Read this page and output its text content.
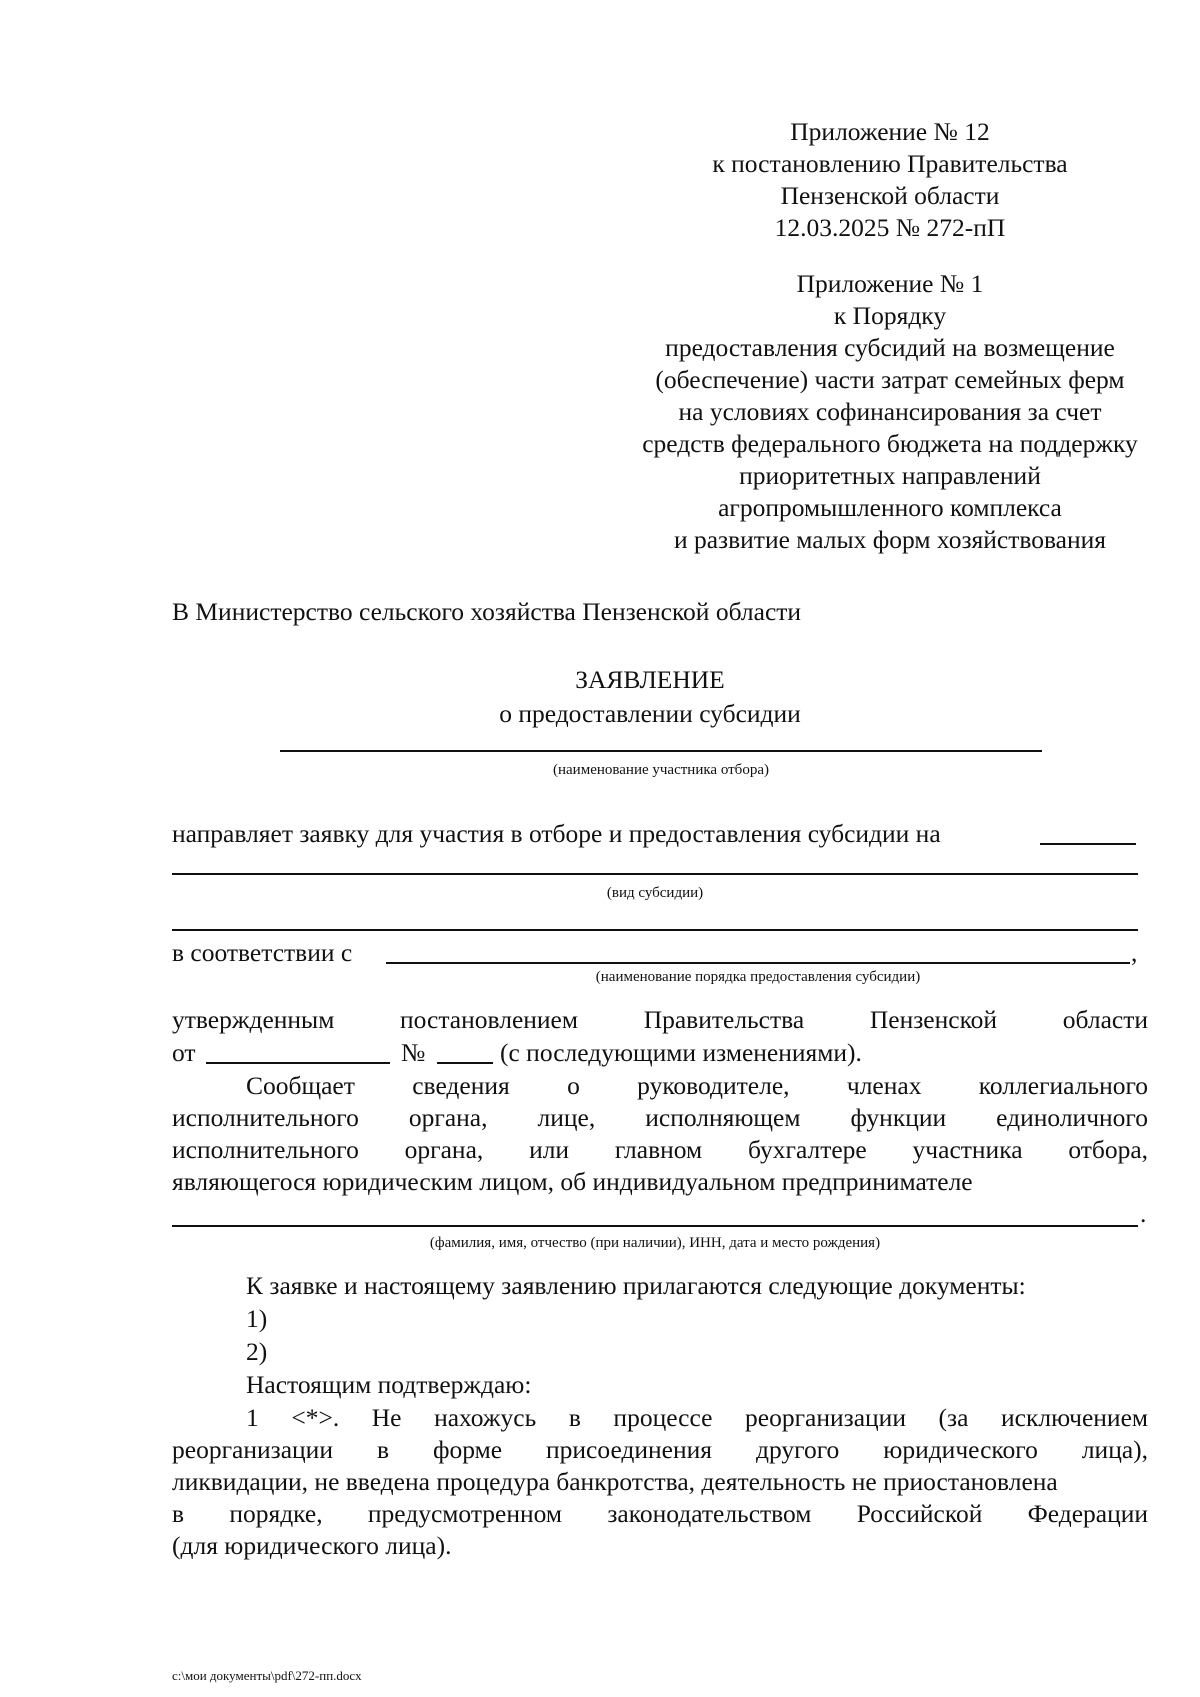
Приложение № 12
к постановлению Правительства
Пензенской области
12.03.2025 № 272-пП
Приложение № 1
к Порядку
предоставления субсидий на возмещение
(обеспечение) части затрат семейных ферм
на условиях софинансирования за счет
средств федерального бюджета на поддержку
приоритетных направлений
агропромышленного комплекса
и развитие малых форм хозяйствования
В Министерство сельского хозяйства Пензенской области
ЗАЯВЛЕНИЕ
о предоставлении субсидии
(наименование участника отбора)
направляет заявку для участия в отборе и предоставления субсидии на
(вид субсидии)
в соответствии с	,
(наименование порядка предоставления субсидии)
утвержденным	постановлением	Правительства	Пензенской	области
от	№	(с последующими изменениями).
Сообщает сведения о руководителе, членах коллегиального
исполнительного органа, лице, исполняющем функции единоличного
исполнительного органа, или главном бухгалтере участника отбора,
являющегося юридическим лицом, об индивидуальном предпринимателе
.
(фамилия, имя, отчество (при наличии), ИНН, дата и место рождения)
К заявке и настоящему заявлению прилагаются следующие документы:
1)
2)
Настоящим подтверждаю:
1 <*>. Не нахожусь в процессе реорганизации (за исключением
реорганизации в форме присоединения другого юридического лица),
ликвидации, не введена процедура банкротства, деятельность не приостановлена
в порядке, предусмотренном законодательством Российской Федерации
(для юридического лица).
c:\мои документы\pdf\272-пп.docx
